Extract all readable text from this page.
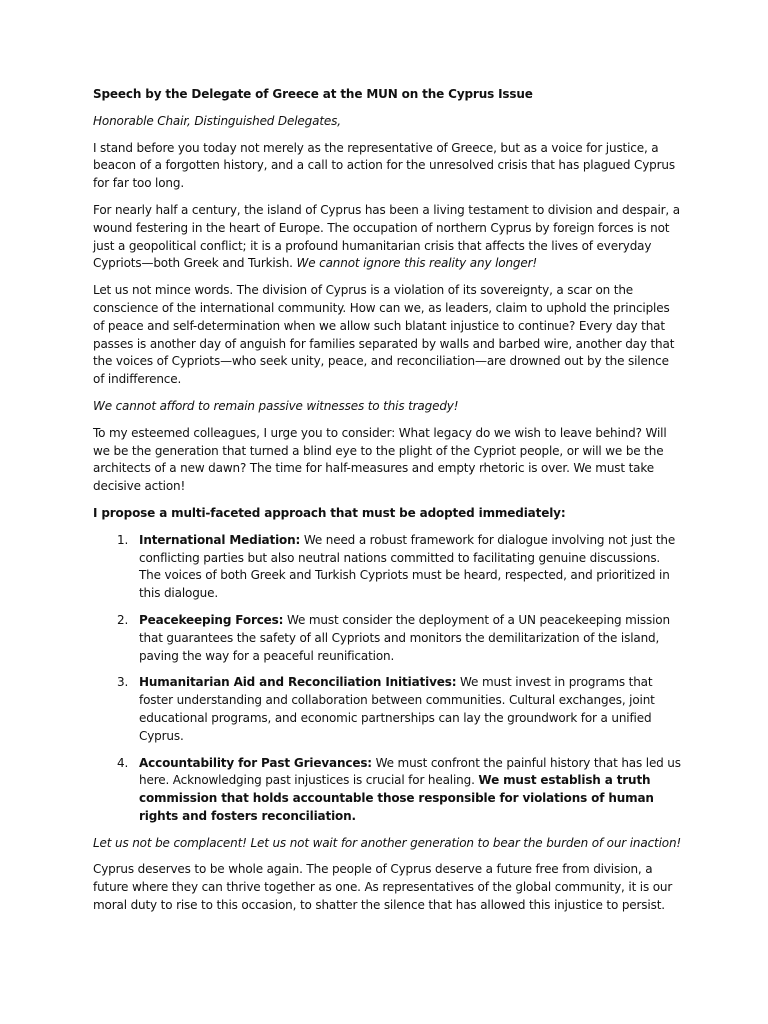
Speech by the Delegate of Greece at the MUN on the Cyprus Issue

Honorable Chair, Distinguished Delegates,

I stand before you today not merely as the representative of Greece, but as a voice for justice, a beacon of a forgotten history, and a call to action for the unresolved crisis that has plagued Cyprus for far too long.

For nearly half a century, the island of Cyprus has been a living testament to division and despair, a wound festering in the heart of Europe. The occupation of northern Cyprus by foreign forces is not just a geopolitical conflict; it is a profound humanitarian crisis that affects the lives of everyday Cypriots—both Greek and Turkish. We cannot ignore this reality any longer!

Let us not mince words. The division of Cyprus is a violation of its sovereignty, a scar on the conscience of the international community. How can we, as leaders, claim to uphold the principles of peace and self-determination when we allow such blatant injustice to continue? Every day that passes is another day of anguish for families separated by walls and barbed wire, another day that the voices of Cypriots—who seek unity, peace, and reconciliation—are drowned out by the silence of indifference.

We cannot afford to remain passive witnesses to this tragedy!

To my esteemed colleagues, I urge you to consider: What legacy do we wish to leave behind? Will we be the generation that turned a blind eye to the plight of the Cypriot people, or will we be the architects of a new dawn? The time for half-measures and empty rhetoric is over. We must take decisive action!

I propose a multi-faceted approach that must be adopted immediately:

1. International Mediation: We need a robust framework for dialogue involving not just the conflicting parties but also neutral nations committed to facilitating genuine discussions. The voices of both Greek and Turkish Cypriots must be heard, respected, and prioritized in this dialogue.
2. Peacekeeping Forces: We must consider the deployment of a UN peacekeeping mission that guarantees the safety of all Cypriots and monitors the demilitarization of the island, paving the way for a peaceful reunification.
3. Humanitarian Aid and Reconciliation Initiatives: We must invest in programs that foster understanding and collaboration between communities. Cultural exchanges, joint educational programs, and economic partnerships can lay the groundwork for a unified Cyprus.
4. Accountability for Past Grievances: We must confront the painful history that has led us here. Acknowledging past injustices is crucial for healing. We must establish a truth commission that holds accountable those responsible for violations of human rights and fosters reconciliation.

Let us not be complacent! Let us not wait for another generation to bear the burden of our inaction!

Cyprus deserves to be whole again. The people of Cyprus deserve a future free from division, a future where they can thrive together as one. As representatives of the global community, it is our moral duty to rise to this occasion, to shatter the silence that has allowed this injustice to persist.
